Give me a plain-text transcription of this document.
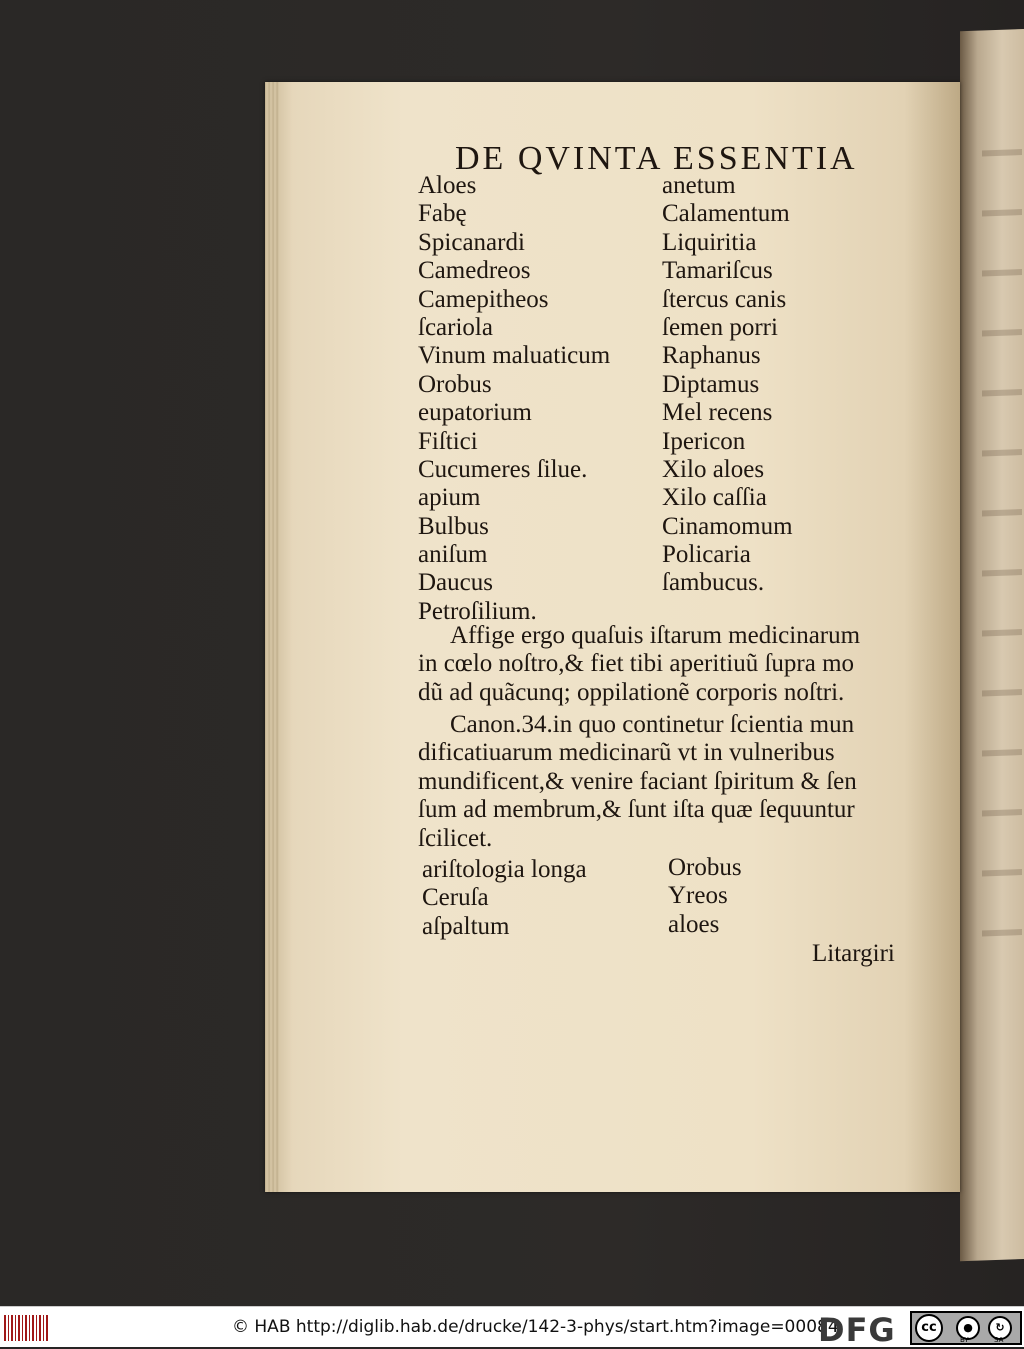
DE QVINTA ESSENTIA
Aloes
Fabę
Spicanardi
Camedreos
Camepitheos
ſcariola
Vinum maluaticum
Orobus
eupatorium
Fiſtici
Cucumeres ſilue.
apium
Bulbus
aniſum
Daucus
Petroſilium.
anetum
Calamentum
Liquiritia
Tamariſcus
ſtercus canis
ſemen porri
Raphanus
Diptamus
Mel recens
Ipericon
Xilo aloes
Xilo caſſia
Cinamomum
Policaria
ſambucus.
Affige ergo quaſuis iſtarum medicinarum
in cœlo noſtro,& fiet tibi aperitiuũ ſupra mo
dũ ad quãcunq; oppilationẽ corporis noſtri.
Canon.34.in quo continetur ſcientia mun
dificatiuarum medicinarũ vt in vulneribus
mundificent,& venire faciant ſpiritum & ſen
ſum ad membrum,& ſunt iſta quæ ſequuntur
ſcilicet.
ariſtologia longa
Ceruſa
aſpaltum
Orobus
Yreos
aloes
Litargiri
© HAB http://diglib.hab.de/drucke/142-3-phys/start.htm?image=00084
DFG	cc	●
BY
↻
SA
